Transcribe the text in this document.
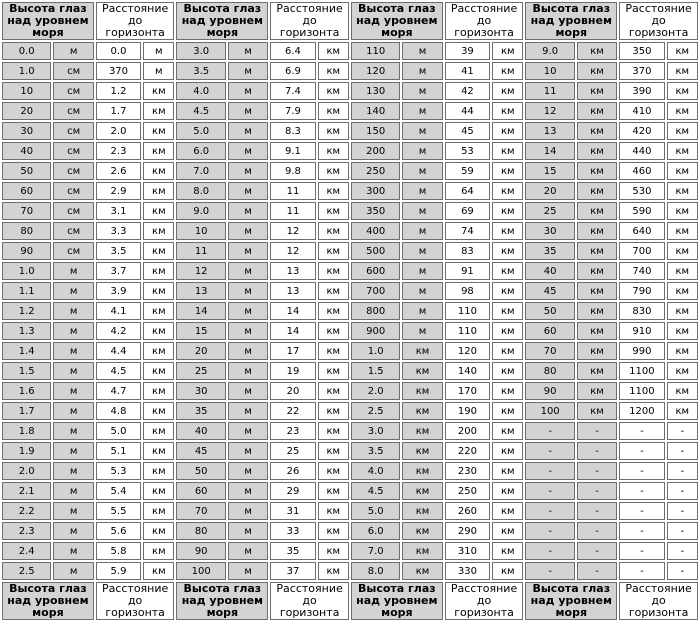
Высота глаз над уровнем моря		Расстояние до горизонта		Высота глаз над уровнем моря		Расстояние до горизонта		Высота глаз над уровнем моря		Расстояние до горизонта		Высота глаз над уровнем моря		Расстояние до горизонта	
0.0	м	0.0	м	3.0	м	6.4	км	110	м	39	км	9.0	км	350	км
1.0	см	370	м	3.5	м	6.9	км	120	м	41	км	10	км	370	км
10	см	1.2	км	4.0	м	7.4	км	130	м	42	км	11	км	390	км
20	см	1.7	км	4.5	м	7.9	км	140	м	44	км	12	км	410	км
30	см	2.0	км	5.0	м	8.3	км	150	м	45	км	13	км	420	км
40	см	2.3	км	6.0	м	9.1	км	200	м	53	км	14	км	440	км
50	см	2.6	км	7.0	м	9.8	км	250	м	59	км	15	км	460	км
60	см	2.9	км	8.0	м	11	км	300	м	64	км	20	км	530	км
70	см	3.1	км	9.0	м	11	км	350	м	69	км	25	км	590	км
80	см	3.3	км	10	м	12	км	400	м	74	км	30	км	640	км
90	см	3.5	км	11	м	12	км	500	м	83	км	35	км	700	км
1.0	м	3.7	км	12	м	13	км	600	м	91	км	40	км	740	км
1.1	м	3.9	км	13	м	13	км	700	м	98	км	45	км	790	км
1.2	м	4.1	км	14	м	14	км	800	м	110	км	50	км	830	км
1.3	м	4.2	км	15	м	14	км	900	м	110	км	60	км	910	км
1.4	м	4.4	км	20	м	17	км	1.0	км	120	км	70	км	990	км
1.5	м	4.5	км	25	м	19	км	1.5	км	140	км	80	км	1100	км
1.6	м	4.7	км	30	м	20	км	2.0	км	170	км	90	км	1100	км
1.7	м	4.8	км	35	м	22	км	2.5	км	190	км	100	км	1200	км
1.8	м	5.0	км	40	м	23	км	3.0	км	200	км	-	-	-	-
1.9	м	5.1	км	45	м	25	км	3.5	км	220	км	-	-	-	-
2.0	м	5.3	км	50	м	26	км	4.0	км	230	км	-	-	-	-
2.1	м	5.4	км	60	м	29	км	4.5	км	250	км	-	-	-	-
2.2	м	5.5	км	70	м	31	км	5.0	км	260	км	-	-	-	-
2.3	м	5.6	км	80	м	33	км	6.0	км	290	км	-	-	-	-
2.4	м	5.8	км	90	м	35	км	7.0	км	310	км	-	-	-	-
2.5	м	5.9	км	100	м	37	км	8.0	км	330	км	-	-	-	-
Высота глаз над уровнем моря		Расстояние до горизонта		Высота глаз над уровнем моря		Расстояние до горизонта		Высота глаз над уровнем моря		Расстояние до горизонта		Высота глаз над уровнем моря		Расстояние до горизонта	
